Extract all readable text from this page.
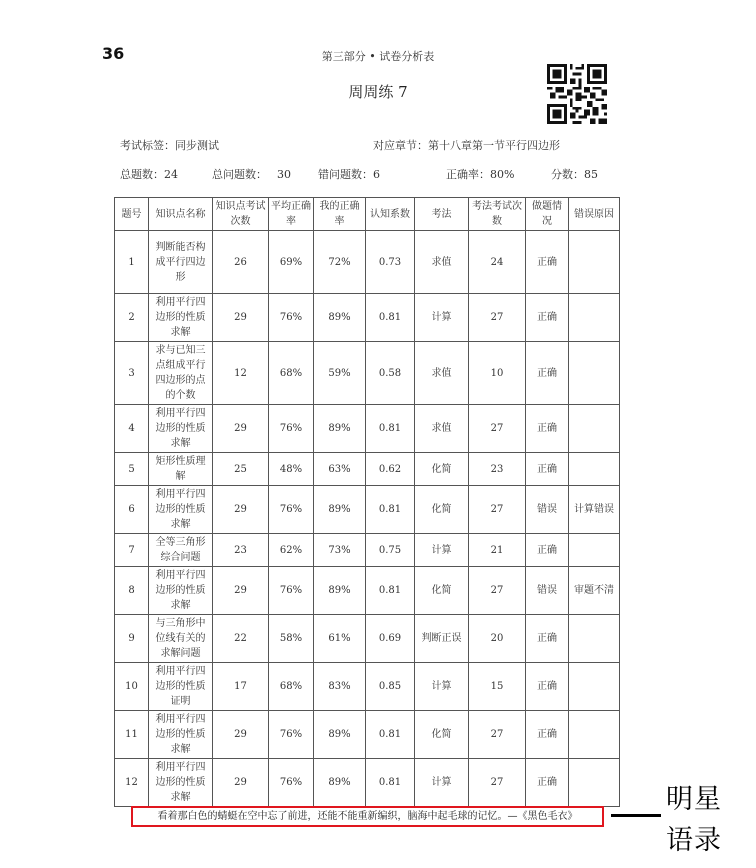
36	第三部分 • 试卷分析表
周周练 7
考试标签：同步测试	对应章节：第十八章第一节平行四边形
总题数：24	总问题数： 30 错问题数：6	正确率：80%	分数：85
题号	知识点名称	知识点考试次数	平均正确率	我的正确率	认知系数	考法	考法考试次数	做题情况	错误原因
1	判断能否构成平行四边形	26	69%	72%	0.73	求值	24	正确	
2	利用平行四边形的性质求解	29	76%	89%	0.81	计算	27	正确	
3	求与已知三点组成平行四边形的点的个数	12	68%	59%	0.58	求值	10	正确	
4	利用平行四边形的性质求解	29	76%	89%	0.81	求值	27	正确	
5	矩形性质理解	25	48%	63%	0.62	化简	23	正确	
6	利用平行四边形的性质求解	29	76%	89%	0.81	化简	27	错误	计算错误
7	全等三角形综合问题	23	62%	73%	0.75	计算	21	正确	
8	利用平行四边形的性质求解	29	76%	89%	0.81	化简	27	错误	审题不清
9	与三角形中位线有关的求解问题	22	58%	61%	0.69	判断正误	20	正确	
10	利用平行四边形的性质证明	17	68%	83%	0.85	计算	15	正确	
11	利用平行四边形的性质求解	29	76%	89%	0.81	化简	27	正确	
12	利用平行四边形的性质求解	29	76%	89%	0.81	计算	27	正确	
看着那白色的蜻蜓在空中忘了前进，还能不能重新编织，脑海中起毛球的记忆。—《黑色毛衣》
明星
语录
